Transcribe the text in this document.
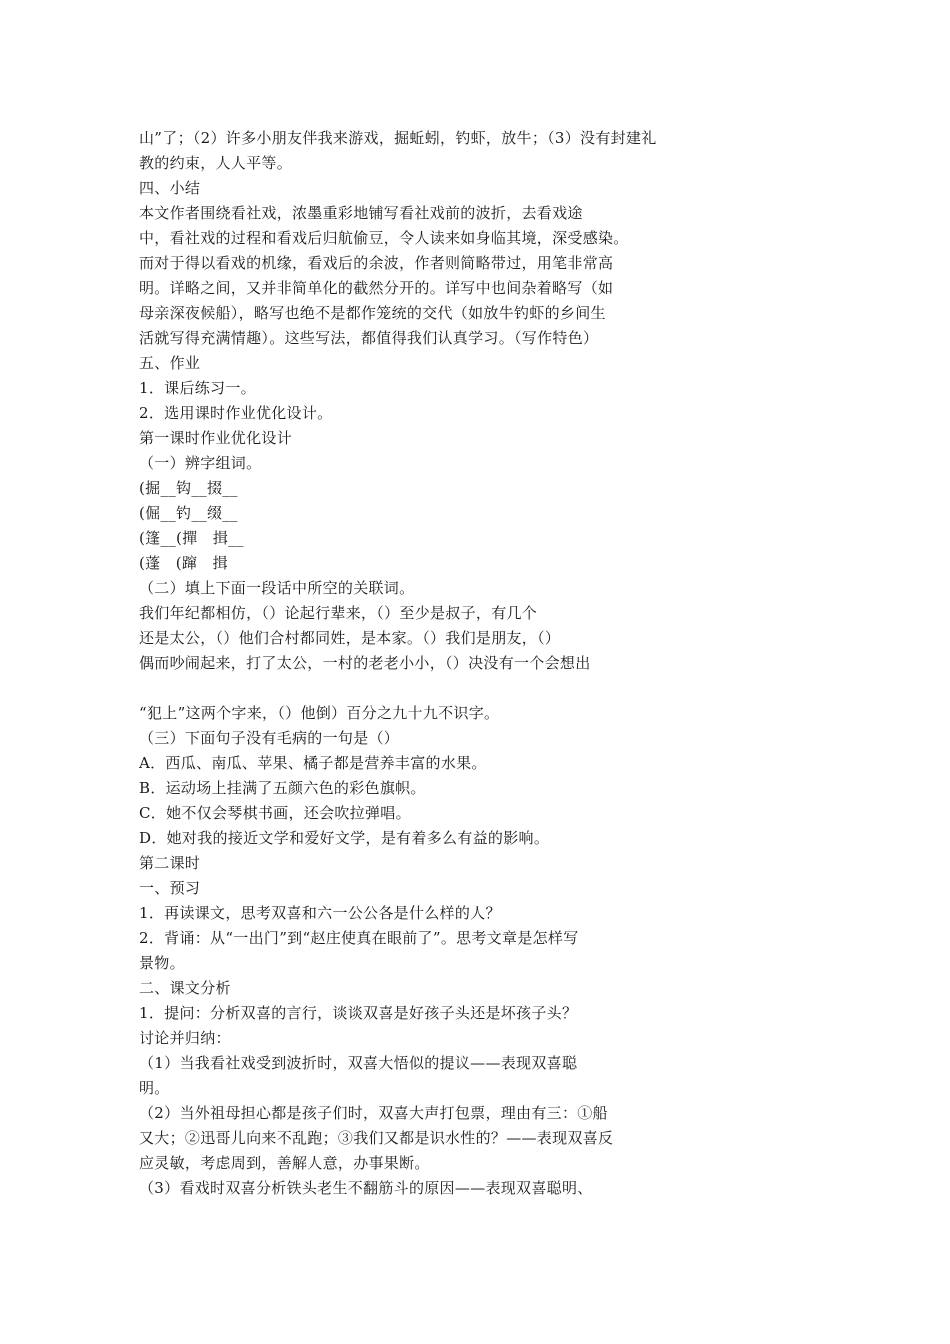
山”了；（2）许多小朋友伴我来游戏，掘蚯蚓，钓虾，放牛；（3）没有封建礼
教的约束，人人平等。
四、小结
本文作者围绕看社戏，浓墨重彩地铺写看社戏前的波折，去看戏途
中，看社戏的过程和看戏后归航偷豆，令人读来如身临其境，深受感染。
而对于得以看戏的机缘，看戏后的余波，作者则简略带过，用笔非常高
明。详略之间，又并非简单化的截然分开的。详写中也间杂着略写（如
母亲深夜候船），略写也绝不是都作笼统的交代（如放牛钓虾的乡间生
活就写得充满情趣）。这些写法，都值得我们认真学习。（写作特色）
五、作业
1．课后练习一。
2．选用课时作业优化设计。
第一课时作业优化设计
（一）辨字组词。
(掘__钩__掇__
(倔__钓__缀__
(篷__(撣　揖__
(蓬　(蹿　揖
（二）填上下面一段话中所空的关联词。
我们年纪都相仿，（）论起行辈来，（）至少是叔子，有几个
还是太公，（）他们合村都同姓，是本家。（）我们是朋友，（）
偶而吵闹起来，打了太公，一村的老老小小，（）决没有一个会想出
“犯上”这两个字来，（）他倒）百分之九十九不识字。
（三）下面句子没有毛病的一句是（）
A．西瓜、南瓜、苹果、橘子都是营养丰富的水果。
B．运动场上挂满了五颜六色的彩色旗帜。
C．她不仅会琴棋书画，还会吹拉弹唱。
D．她对我的接近文学和爱好文学，是有着多么有益的影响。
第二课时
一、预习
1．再读课文，思考双喜和六一公公各是什么样的人？
2．背诵：从“一出门”到“赵庄使真在眼前了”。思考文章是怎样写
景物。
二、课文分析
1．提问：分析双喜的言行，谈谈双喜是好孩子头还是坏孩子头？
讨论并归纳：
（1）当我看社戏受到波折时，双喜大悟似的提议——表现双喜聪
明。
（2）当外祖母担心都是孩子们时，双喜大声打包票，理由有三：①船
又大；②迅哥儿向来不乱跑；③我们又都是识水性的？——表现双喜反
应灵敏，考虑周到，善解人意，办事果断。
（3）看戏时双喜分析铁头老生不翻筋斗的原因——表现双喜聪明、
